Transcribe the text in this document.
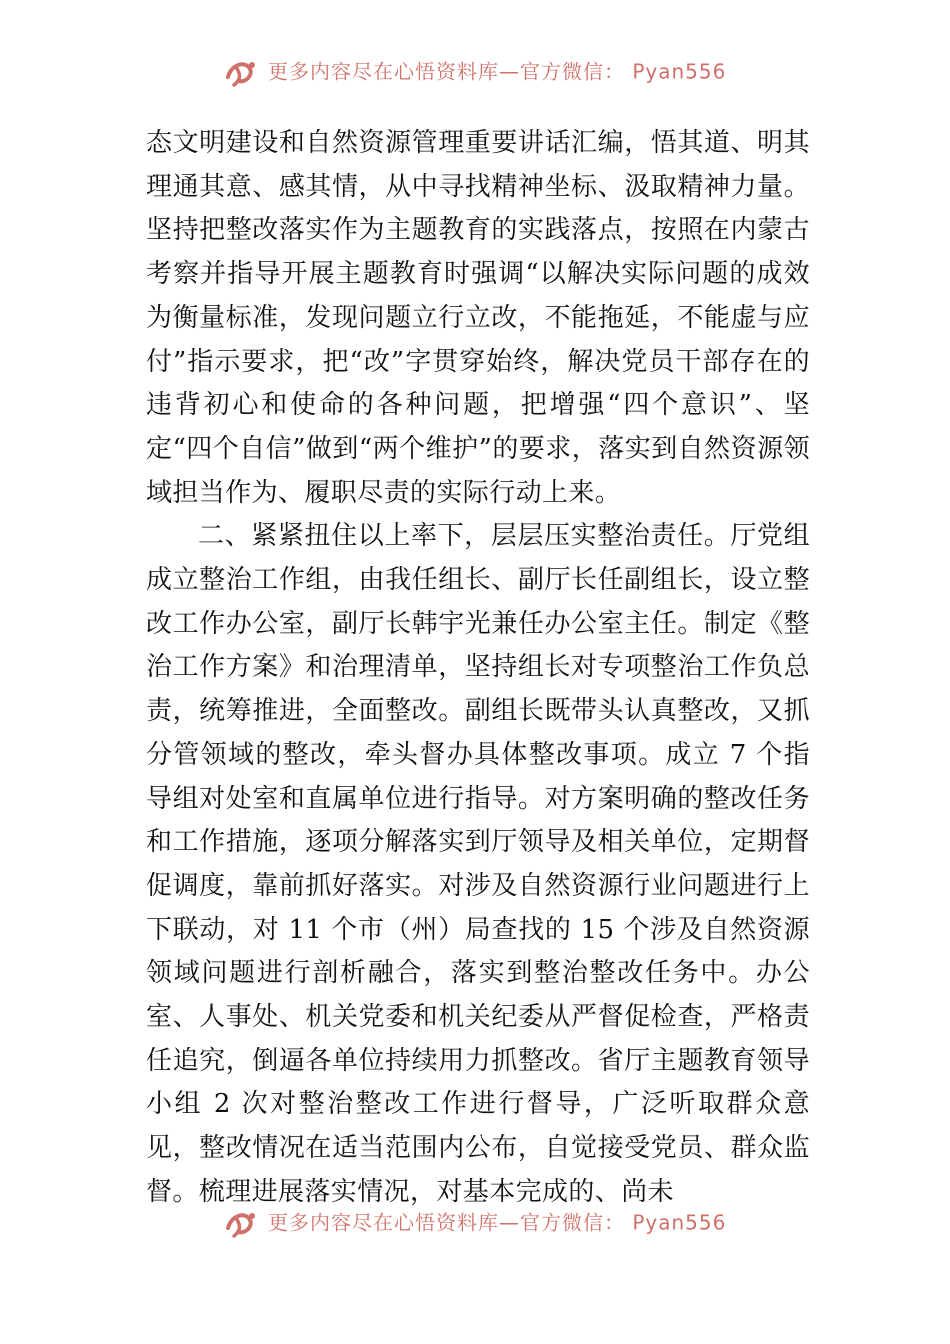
更多内容尽在心悟资料库—官方微信： Pyan556

态文明建设和自然资源管理重要讲话汇编，悟其道、明其理通其意、感其情，从中寻找精神坐标、汲取精神力量。坚持把整改落实作为主题教育的实践落点，按照在内蒙古考察并指导开展主题教育时强调“以解决实际问题的成效为衡量标准，发现问题立行立改，不能拖延，不能虚与应付”指示要求，把“改”字贯穿始终，解决党员干部存在的违背初心和使命的各种问题，把增强“四个意识”、坚定“四个自信”做到“两个维护”的要求，落实到自然资源领域担当作为、履职尽责的实际行动上来。

二、紧紧扭住以上率下，层层压实整治责任。厅党组成立整治工作组，由我任组长、副厅长任副组长，设立整改工作办公室，副厅长韩宇光兼任办公室主任。制定《整治工作方案》和治理清单，坚持组长对专项整治工作负总责，统筹推进，全面整改。副组长既带头认真整改，又抓分管领域的整改，牵头督办具体整改事项。成立 7 个指导组对处室和直属单位进行指导。对方案明确的整改任务和工作措施，逐项分解落实到厅领导及相关单位，定期督促调度，靠前抓好落实。对涉及自然资源行业问题进行上下联动，对 11 个市（州）局查找的 15 个涉及自然资源领域问题进行剖析融合，落实到整治整改任务中。办公室、人事处、机关党委和机关纪委从严督促检查，严格责任追究，倒逼各单位持续用力抓整改。省厅主题教育领导小组 2 次对整治整改工作进行督导，广泛听取群众意见，整改情况在适当范围内公布，自觉接受党员、群众监督。梳理进展落实情况，对基本完成的、尚未

更多内容尽在心悟资料库—官方微信： Pyan556
